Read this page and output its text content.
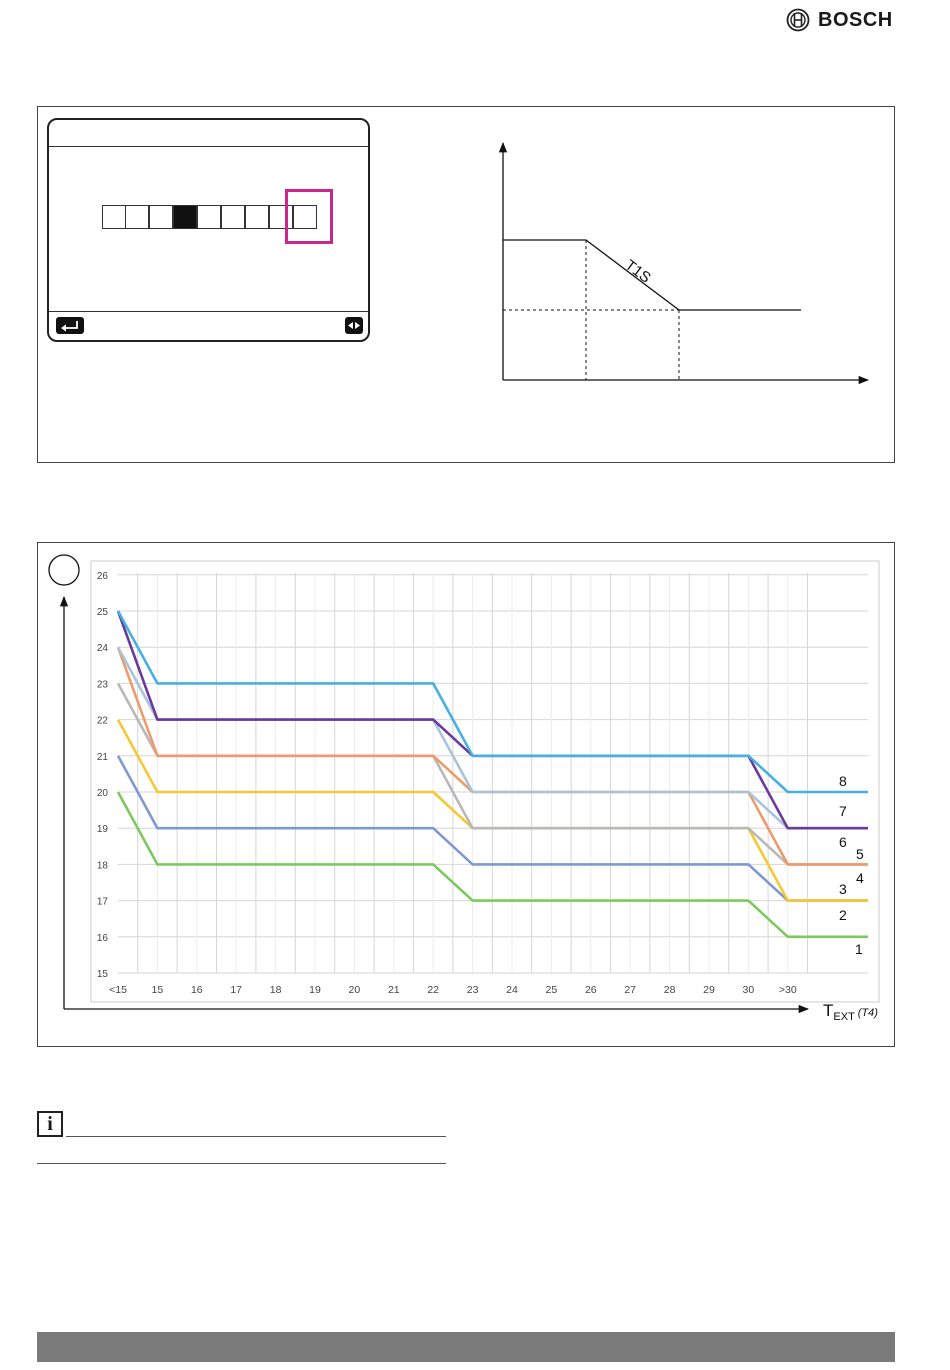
BOSCH
T1S
15
16
17
18
19
20
21
22
23
24
25
26
<15 15	16	17	18	19	20	21	22	23	24	25	26	27	28	29	30 >30
1
2
3
4
5
6
7
8
$T_{EXT}$ $^{(T4)}$
i
